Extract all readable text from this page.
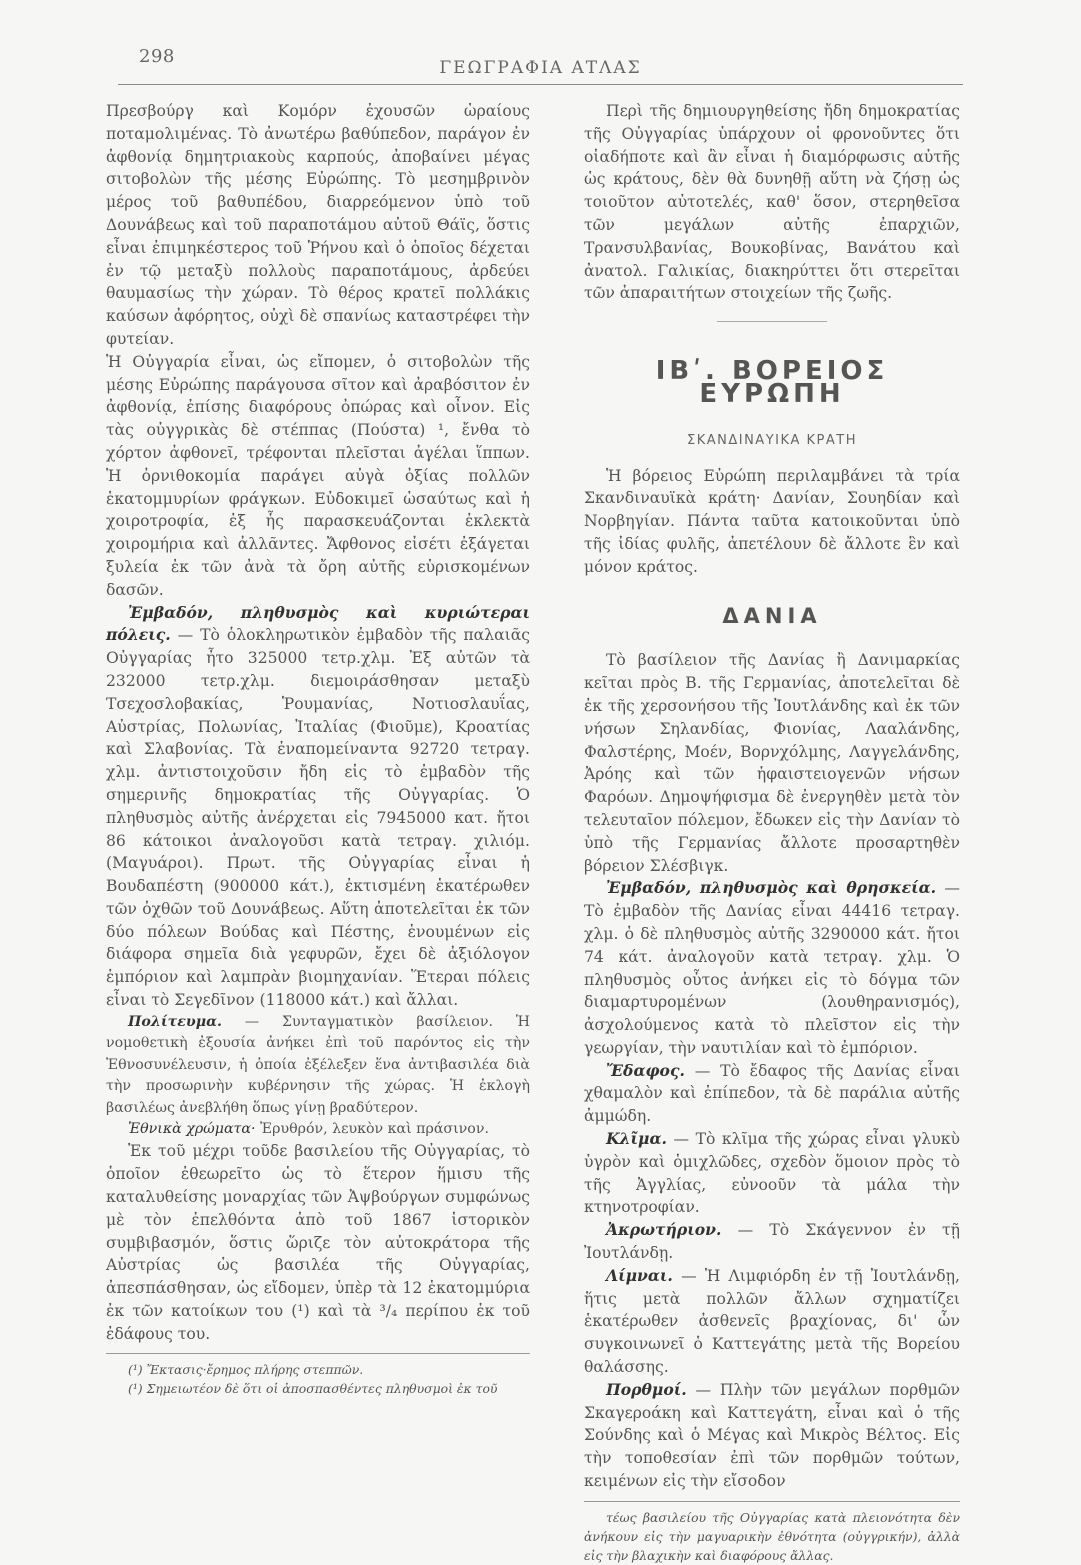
298
ΓΕΩΓΡΑΦΙΑ ΑΤΛΑΣ

Πρεσβούργ καὶ Κομόρν ἐχουσῶν ὡραίους ποταμολιμένας. Τὸ ἀνωτέρω βαθύπεδον, παράγον ἐν ἀφθονίᾳ δημητριακοὺς καρπούς, ἀποβαίνει μέγας σιτοβολὼν τῆς μέσης Εὐρώπης. Τὸ μεσημβρινὸν μέρος τοῦ βαθυπέδου, διαρρεόμενον ὑπὸ τοῦ Δουνάβεως καὶ τοῦ παραποτάμου αὐτοῦ Θάϊς, ὅστις εἶναι ἐπιμηκέστερος τοῦ Ῥήνου καὶ ὁ ὁποῖος δέχεται ἐν τῷ μεταξὺ πολλοὺς παραποτάμους, ἀρδεύει θαυμασίως τὴν χώραν. Τὸ θέρος κρατεῖ πολλάκις καύσων ἀφόρητος, οὐχὶ δὲ σπανίως καταστρέφει τὴν φυτείαν.

Ἡ Οὐγγαρία εἶναι, ὡς εἴπομεν, ὁ σιτοβολὼν τῆς μέσης Εὐρώπης παράγουσα σῖτον καὶ ἀραβόσιτον ἐν ἀφθονίᾳ, ἐπίσης διαφόρους ὀπώρας καὶ οἶνον. Εἰς τὰς οὐγγρικὰς δὲ στέππας (Πούστα) ¹, ἔνθα τὸ χόρτον ἀφθονεῖ, τρέφονται πλεῖσται ἀγέλαι ἵππων. Ἡ ὀρνιθοκομία παράγει αὐγὰ ὀξίας πολλῶν ἑκατομμυρίων φράγκων. Εὐδοκιμεῖ ὡσαύτως καὶ ἡ χοιροτροφία, ἐξ ἧς παρασκευάζονται ἐκλεκτὰ χοιρομήρια καὶ ἀλλᾶντες. Ἄφθονος εἰσέτι ἐξάγεται ξυλεία ἐκ τῶν ἀνὰ τὰ ὄρη αὐτῆς εὑρισκομένων δασῶν.

Ἐμβαδόν, πληθυσμὸς καὶ κυριώτεραι πόλεις. — Τὸ ὁλοκληρωτικὸν ἐμβαδὸν τῆς παλαιᾶς Οὐγγαρίας ἦτο 325000 τετρ.χλμ. Ἐξ αὐτῶν τὰ 232000 τετρ.χλμ. διεμοιράσθησαν μεταξὺ Τσεχοσλοβακίας, Ῥουμανίας, Νοτιοσλαυΐας, Αὐστρίας, Πολωνίας, Ἰταλίας (Φιοῦμε), Κροατίας καὶ Σλαβονίας. Τὰ ἐναπομείναντα 92720 τετραγ. χλμ. ἀντιστοιχοῦσιν ἤδη εἰς τὸ ἐμβαδὸν τῆς σημερινῆς δημοκρατίας τῆς Οὐγγαρίας. Ὁ πληθυσμὸς αὐτῆς ἀνέρχεται εἰς 7945000 κατ. ἤτοι 86 κάτοικοι ἀναλογοῦσι κατὰ τετραγ. χιλιόμ. (Μαγυάροι). Πρωτ. τῆς Οὐγγαρίας εἶναι ἡ Βουδαπέστη (900000 κάτ.), ἐκτισμένη ἑκατέρωθεν τῶν ὀχθῶν τοῦ Δουνάβεως. Αὕτη ἀποτελεῖται ἐκ τῶν δύο πόλεων Βούδας καὶ Πέστης, ἑνουμένων εἰς διάφορα σημεῖα διὰ γεφυρῶν, ἔχει δὲ ἀξιόλογον ἐμπόριον καὶ λαμπρὰν βιομηχανίαν. Ἕτεραι πόλεις εἶναι τὸ Σεγεδῖνον (118000 κάτ.) καὶ ἄλλαι.

Πολίτευμα. — Συνταγματικὸν βασίλειον. Ἡ νομοθετικὴ ἐξουσία ἀνήκει ἐπὶ τοῦ παρόντος εἰς τὴν Ἐθνοσυνέλευσιν, ἡ ὁποία ἐξέλεξεν ἕνα ἀντιβασιλέα διὰ τὴν προσωρινὴν κυβέρνησιν τῆς χώρας. Ἡ ἐκλογὴ βασιλέως ἀνεβλήθη ὅπως γίνῃ βραδύτερον.

Ἐθνικὰ χρώματα· Ἐρυθρόν, λευκὸν καὶ πράσινον.

Ἐκ τοῦ μέχρι τοῦδε βασιλείου τῆς Οὐγγαρίας, τὸ ὁποῖον ἐθεωρεῖτο ὡς τὸ ἕτερον ἥμισυ τῆς καταλυθείσης μοναρχίας τῶν Ἀψβούργων συμφώνως μὲ τὸν ἐπελθόντα ἀπὸ τοῦ 1867 ἱστορικὸν συμβιβασμόν, ὅστις ὥριζε τὸν αὐτοκράτορα τῆς Αὐστρίας ὡς βασιλέα τῆς Οὐγγαρίας, ἀπεσπάσθησαν, ὡς εἴδομεν, ὑπὲρ τὰ 12 ἑκατομμύρια ἐκ τῶν κατοίκων του (¹) καὶ τὰ ³/₄ περίπου ἐκ τοῦ ἐδάφους του.

(¹) Ἔκτασις·ἔρημος πλήρης στεππῶν.

(¹) Σημειωτέον δὲ ὅτι οἱ ἀποσπασθέντες πληθυσμοὶ ἐκ τοῦ

Περὶ τῆς δημιουργηθείσης ἤδη δημοκρατίας τῆς Οὐγγαρίας ὑπάρχουν οἱ φρονοῦντες ὅτι οἱαδήποτε καὶ ἂν εἶναι ἡ διαμόρφωσις αὐτῆς ὡς κράτους, δὲν θὰ δυνηθῇ αὕτη νὰ ζήσῃ ὡς τοιοῦτον αὐτοτελές, καθ' ὅσον, στερηθεῖσα τῶν μεγάλων αὐτῆς ἐπαρχιῶν, Τρανσυλβανίας, Βουκοβίνας, Βανάτου καὶ ἀνατολ. Γαλικίας, διακηρύττει ὅτι στερεῖται τῶν ἀπαραιτήτων στοιχείων τῆς ζωῆς.

ΙΒʹ. ΒΟΡΕΙΟΣ ΕΥΡΩΠΗ
ΣΚΑΝΔΙΝΑΥΙΚΑ ΚΡΑΤΗ

Ἡ βόρειος Εὐρώπη περιλαμβάνει τὰ τρία Σκανδιναυϊκὰ κράτη· Δανίαν, Σουηδίαν καὶ Νορβηγίαν. Πάντα ταῦτα κατοικοῦνται ὑπὸ τῆς ἰδίας φυλῆς, ἀπετέλουν δὲ ἄλλοτε ἓν καὶ μόνον κράτος.

ΔΑΝΙΑ

Τὸ βασίλειον τῆς Δανίας ἢ Δανιμαρκίας κεῖται πρὸς Β. τῆς Γερμανίας, ἀποτελεῖται δὲ ἐκ τῆς χερσονήσου τῆς Ἰουτλάνδης καὶ ἐκ τῶν νήσων Σηλανδίας, Φιονίας, Λααλάνδης, Φαλστέρης, Μοέν, Βορνχόλμης, Λαγγελάνδης, Ἀρόης καὶ τῶν ἡφαιστειογενῶν νήσων Φαρόων. Δημοψήφισμα δὲ ἐνεργηθὲν μετὰ τὸν τελευταῖον πόλεμον, ἔδωκεν εἰς τὴν Δανίαν τὸ ὑπὸ τῆς Γερμανίας ἄλλοτε προσαρτηθὲν βόρειον Σλέσβιγκ.

Ἐμβαδόν, πληθυσμὸς καὶ θρησκεία. — Τὸ ἐμβαδὸν τῆς Δανίας εἶναι 44416 τετραγ. χλμ. ὁ δὲ πληθυσμὸς αὐτῆς 3290000 κάτ. ἤτοι 74 κάτ. ἀναλογοῦν κατὰ τετραγ. χλμ. Ὁ πληθυσμὸς οὗτος ἀνήκει εἰς τὸ δόγμα τῶν διαμαρτυρομένων (λουθηρανισμός), ἀσχολούμενος κατὰ τὸ πλεῖστον εἰς τὴν γεωργίαν, τὴν ναυτιλίαν καὶ τὸ ἐμπόριον.

Ἔδαφος. — Τὸ ἔδαφος τῆς Δανίας εἶναι χθαμαλὸν καὶ ἐπίπεδον, τὰ δὲ παράλια αὐτῆς ἀμμώδη.

Κλῖμα. — Τὸ κλῖμα τῆς χώρας εἶναι γλυκὺ ὑγρὸν καὶ ὁμιχλῶδες, σχεδὸν ὅμοιον πρὸς τὸ τῆς Ἀγγλίας, εὐνοοῦν τὰ μάλα τὴν κτηνοτροφίαν.

Ἀκρωτήριον. — Τὸ Σκάγεννον ἐν τῇ Ἰουτλάνδῃ.

Λίμναι. — Ἡ Λιμφιόρδη ἐν τῇ Ἰουτλάνδῃ, ἥτις μετὰ πολλῶν ἄλλων σχηματίζει ἑκατέρωθεν ἀσθενεῖς βραχίονας, δι' ὧν συγκοινωνεῖ ὁ Καττεγάτης μετὰ τῆς Βορείου θαλάσσης.

Πορθμοί. — Πλὴν τῶν μεγάλων πορθμῶν Σκαγεροάκη καὶ Καττεγάτη, εἶναι καὶ ὁ τῆς Σούνδης καὶ ὁ Μέγας καὶ Μικρὸς Βέλτος. Εἰς τὴν τοποθεσίαν ἐπὶ τῶν πορθμῶν τούτων, κειμένων εἰς τὴν εἴσοδον

τέως βασιλείου τῆς Οὐγγαρίας κατὰ πλειονότητα δὲν ἀνήκουν εἰς τὴν μαγυαρικὴν ἐθνότητα (οὐγγρικήν), ἀλλὰ εἰς τὴν βλαχικὴν καὶ διαφόρους ἄλλας.
